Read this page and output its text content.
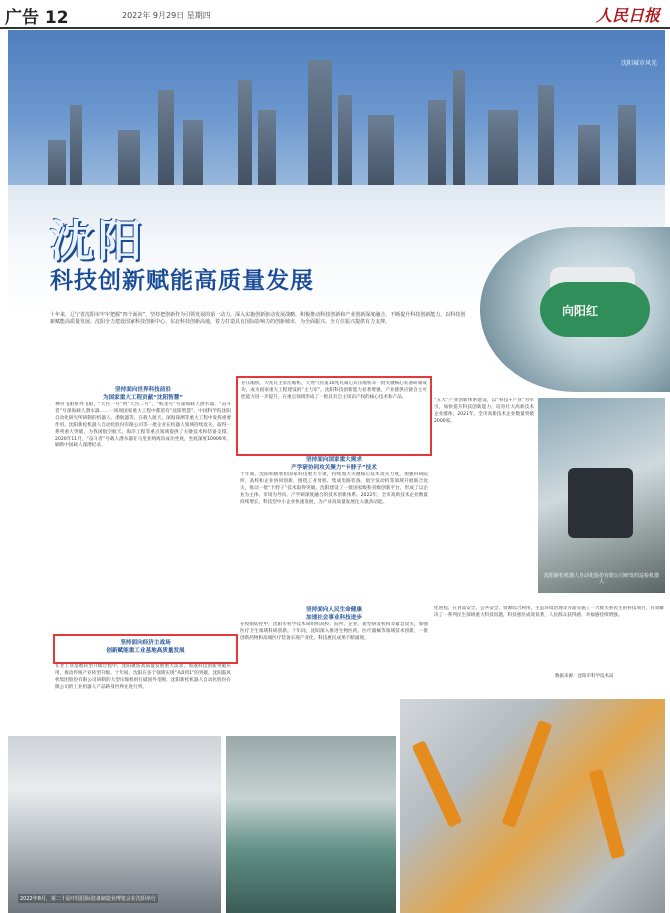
广告 12	2022年 9月29日 星期四	人民日报
沈阳城市风光
沈阳
科技创新赋能高质量发展
向阳红
十年来，辽宁省沈阳市牢牢把握“四个面向”，坚持把创新作为引领发展的第一动力，深入实施创新驱动发展战略，积极推动科技创新和产业创新深度融合，不断提升科技创新能力，以科技创新赋能高质量发展。沈阳全力建设国家科技创新中心、东北科技创新高地，着力打造具有国际影响力的创新城市，为全面振兴、全方位振兴提供有力支撑。
坚持面向世界科技前沿
为国家重大工程贡献“沈阳智慧”
神舟飞船系列飞船、“天宫一号”到“天宫二号”，“蛟龙号”号深海载人潜水器，“奋斗者”号深海载人潜水器……一项项国家重大工程中都留有“沈阳智慧”。中国科学院沈阳自动化研究所研制的机器人、潜航器等，在载人航天、深海探测等重大工程中发挥重要作用。沈阳新松机器人自动化股份有限公司等一批企业在机器人领域持续攻关，取得一系列重大突破，为我国航空航天、海洋工程等重点领域提供了关键技术和装备支撑。2020年11月，“奋斗者”号载人潜水器在马里亚纳海沟成功坐底，坐底深度10909米，刷新中国载人深潜纪录。
坚持面向经济主战场
创新赋能重工业基地高质量发展
在老工业基地转型升级过程中，沈阳聚焦高质量发展重大需求，加速科技创新突破应用，推动传统产业转型升级。十年间，沈阳在多个领域实现“从0到1”的突破，沈阳鼓风机集团股份有限公司研制的大型压缩机组打破国外垄断，沈阳新松机器人自动化股份有限公司的工业机器人产品跻身世界先进行列。
存压缩机，大兆瓦主泵压缩机、天然气管道10兆瓦离心式压缩机等一批关键核心装备研制成功，成为国家重大工程建设的“主力军”。沈阳科技创新能力显著增强，产业链供应链自主可控能力进一步提升，在重点领域形成了一批具有自主知识产权的核心技术和产品。
坚持面向国家重大需求
产学研协同攻关聚力“卡脖子”技术
十年间，沈阳积极承担国家科技重大专项，持续加大关键核心技术攻关力度，加强科研院所、高校和企业协同创新，围绕工业母机、集成电路装备、航空发动机等领域开展联合攻关，推动一批“卡脖子”技术取得突破。沈阳建设了一批国家级和省级创新平台，形成了以企业为主体、市场为导向、产学研深度融合的技术创新体系。2022年，全市高新技术企业数量持续增长，科技型中小企业快速发展，为产业高质量发展注入强劲动能。
坚持面向人民生命健康
加速社会事业科技进步
在疫情防控中，沈阳市科学技术局组织高校、院所、企业、新型研发机构等紧急攻关，加强医疗卫生领域科研创新。十年间，沈阳深入推进生物医药、医疗器械等领域技术创新，一批创新药物和高端医疗装备实现产业化，科技惠民成果不断涌现。
“五大”产业创新体系建设，以“科技+产业”为牵引，加快提升科技创新能力，培育壮大高新技术企业群体，2021年，全市高新技术企业数量突破2000家。
化进程、在食品安全、公共安全、资源综合利用、生态环境治理等方面实施了一大批关系民生的科技项目，有效解决了一系列民生领域重大科技问题，科技惠民成效显著，人民群众获得感、幸福感持续增强。
沈阳新松机器人自动化股份有限公司研发的巡检机器人
数据来源：沈阳市科学技术局
2022年8月，第二十届中国国际装备制造业博览会在沈阳举行
